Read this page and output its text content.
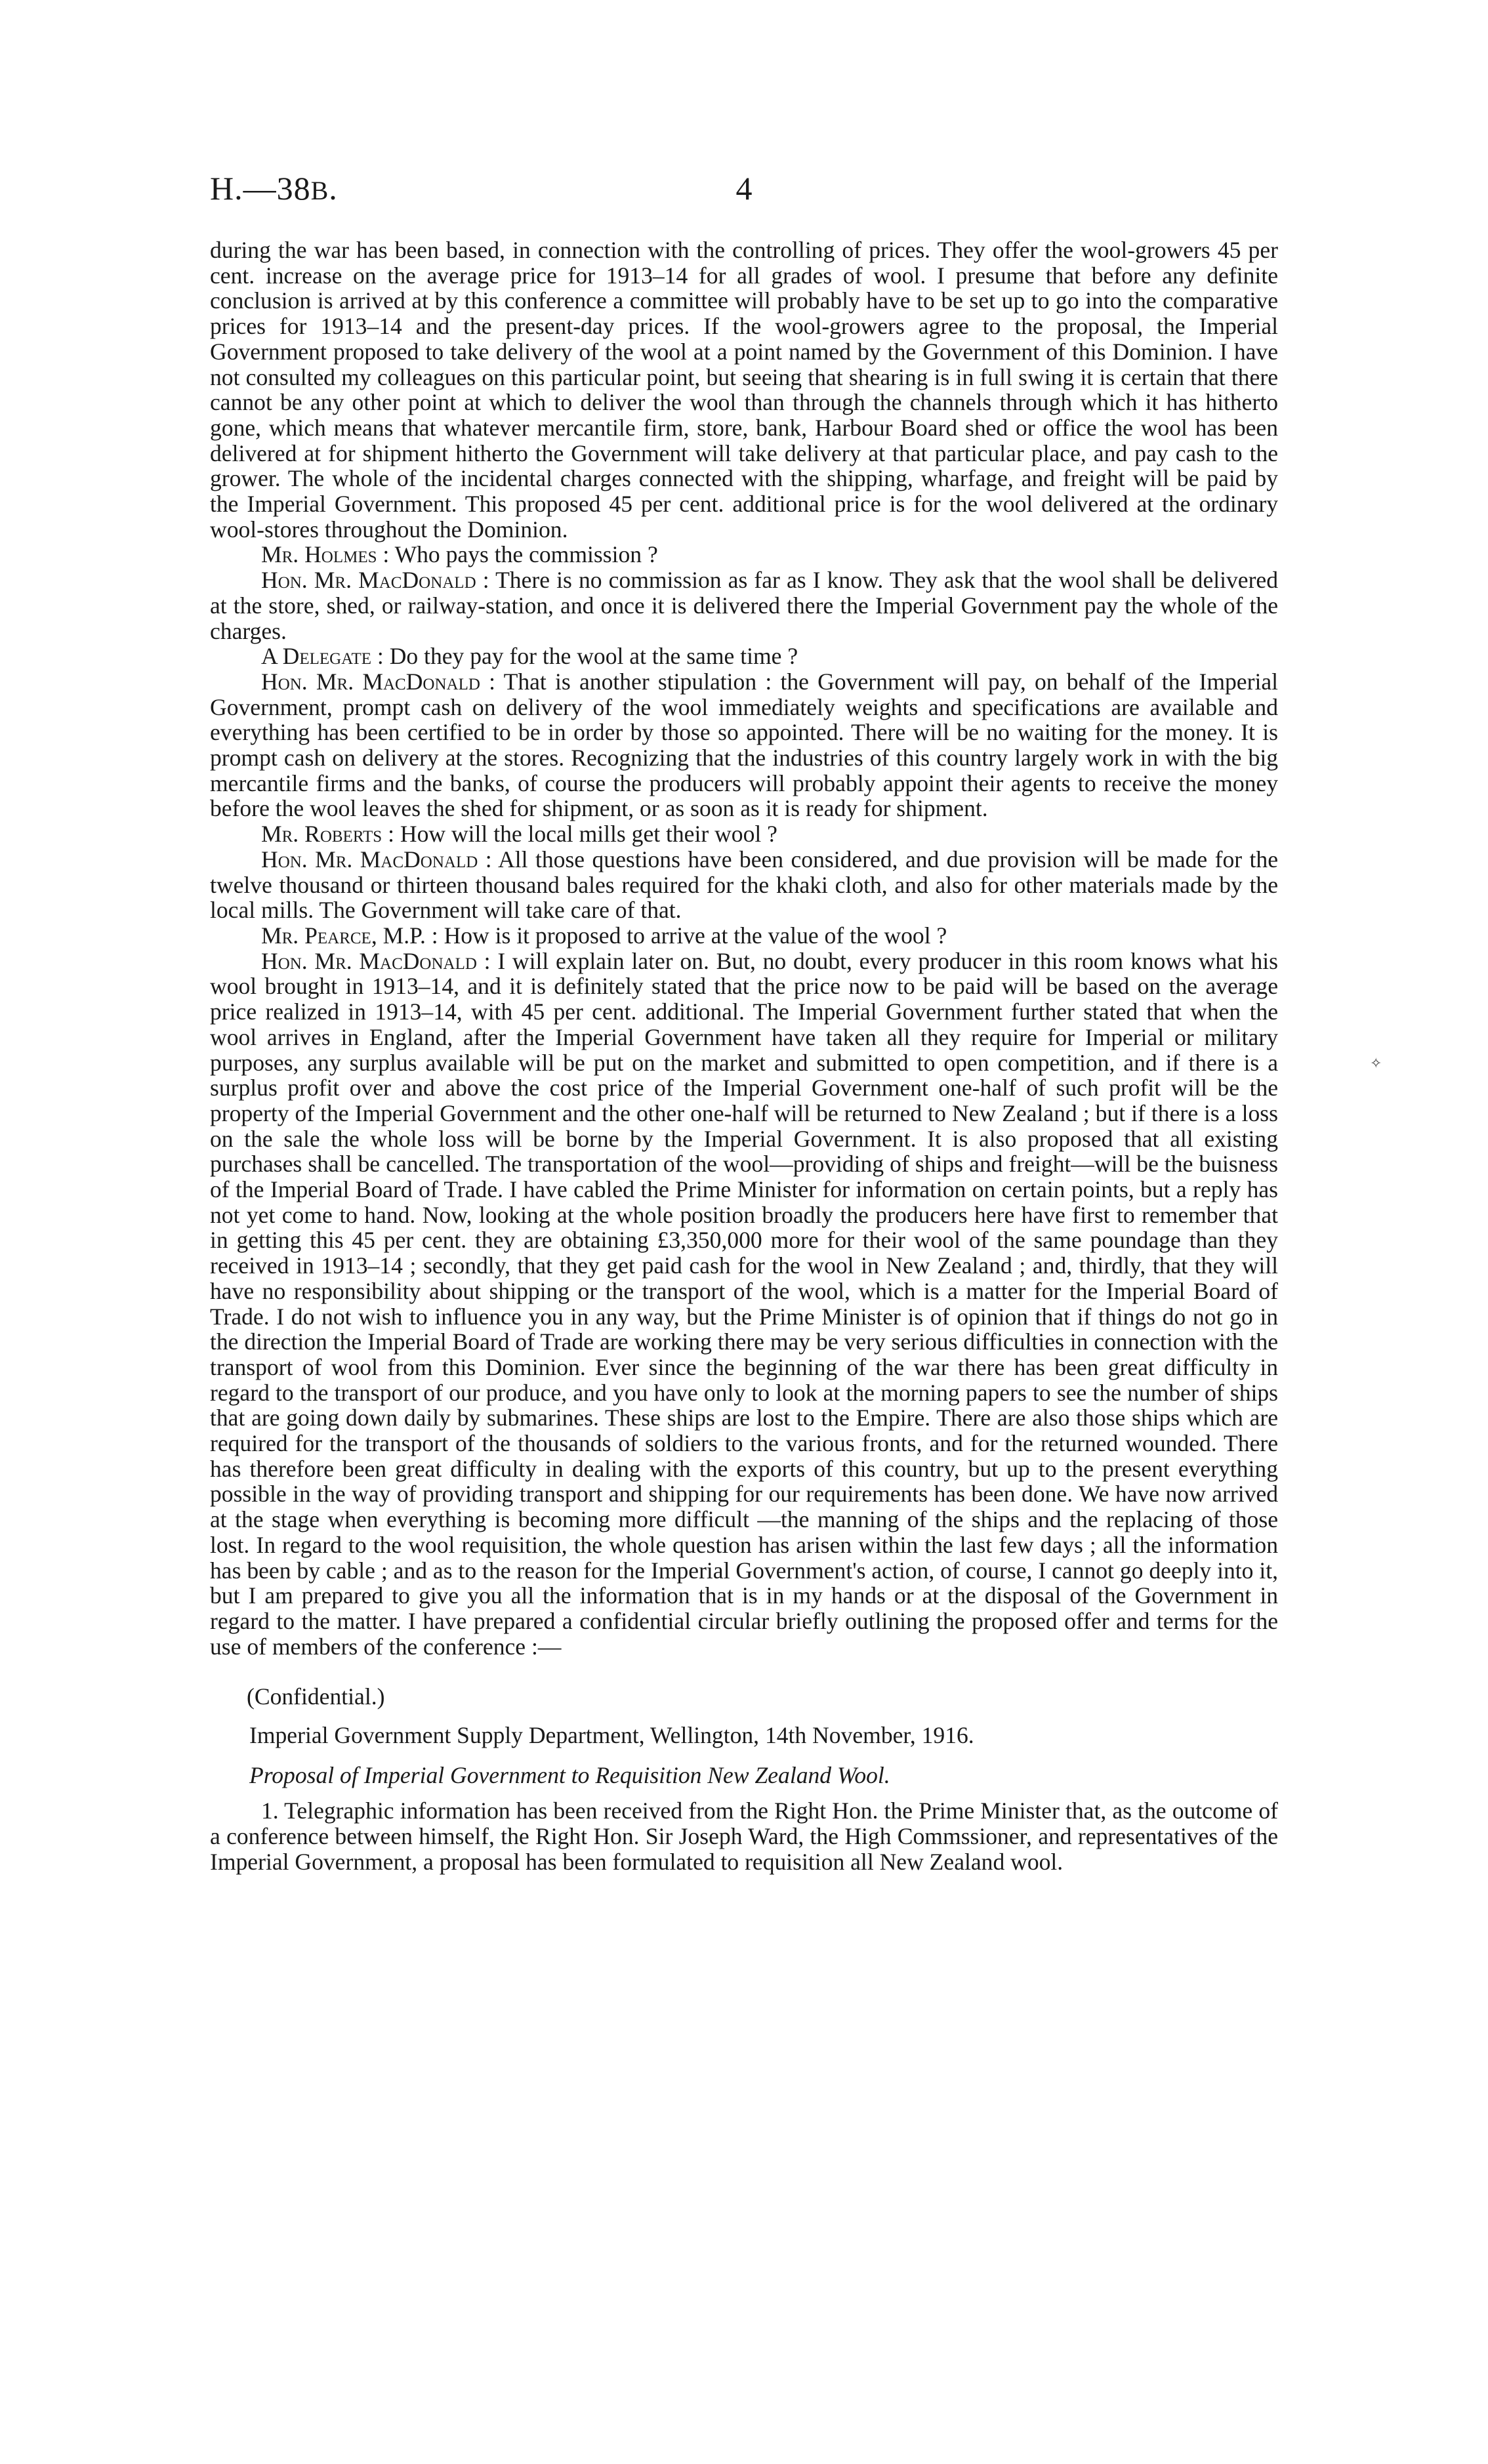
H.—38B.	4
✧

during the war has been based, in connection with the controlling of prices. They offer the wool-growers 45 per cent. increase on the average price for 1913–14 for all grades of wool. I presume that before any definite conclusion is arrived at by this conference a committee will probably have to be set up to go into the comparative prices for 1913–14 and the present-day prices. If the wool-growers agree to the proposal, the Imperial Government proposed to take delivery of the wool at a point named by the Government of this Dominion. I have not consulted my colleagues on this particular point, but seeing that shearing is in full swing it is certain that there cannot be any other point at which to deliver the wool than through the channels through which it has hitherto gone, which means that whatever mercantile firm, store, bank, Harbour Board shed or office the wool has been delivered at for shipment hitherto the Government will take delivery at that particular place, and pay cash to the grower. The whole of the incidental charges connected with the shipping, wharfage, and freight will be paid by the Imperial Government. This proposed 45 per cent. additional price is for the wool delivered at the ordinary wool-stores throughout the Dominion.

Mr. Holmes : Who pays the commission ?

Hon. Mr. MacDonald : There is no commission as far as I know. They ask that the wool shall be delivered at the store, shed, or railway-station, and once it is delivered there the Imperial Government pay the whole of the charges.

A Delegate : Do they pay for the wool at the same time ?

Hon. Mr. MacDonald : That is another stipulation : the Government will pay, on behalf of the Imperial Government, prompt cash on delivery of the wool immediately weights and specifications are available and everything has been certified to be in order by those so appointed. There will be no waiting for the money. It is prompt cash on delivery at the stores. Recognizing that the industries of this country largely work in with the big mercantile firms and the banks, of course the producers will probably appoint their agents to receive the money before the wool leaves the shed for shipment, or as soon as it is ready for shipment.

Mr. Roberts : How will the local mills get their wool ?

Hon. Mr. MacDonald : All those questions have been considered, and due provision will be made for the twelve thousand or thirteen thousand bales required for the khaki cloth, and also for other materials made by the local mills. The Government will take care of that.

Mr. Pearce, M.P. : How is it proposed to arrive at the value of the wool ?

Hon. Mr. MacDonald : I will explain later on. But, no doubt, every producer in this room knows what his wool brought in 1913–14, and it is definitely stated that the price now to be paid will be based on the average price realized in 1913–14, with 45 per cent. additional. The Imperial Government further stated that when the wool arrives in England, after the Imperial Government have taken all they require for Imperial or military purposes, any surplus available will be put on the market and submitted to open competition, and if there is a surplus profit over and above the cost price of the Imperial Government one-half of such profit will be the property of the Imperial Government and the other one-half will be returned to New Zealand ; but if there is a loss on the sale the whole loss will be borne by the Imperial Government. It is also proposed that all existing purchases shall be cancelled. The transportation of the wool—providing of ships and freight—will be the buisness of the Imperial Board of Trade. I have cabled the Prime Minister for information on certain points, but a reply has not yet come to hand. Now, looking at the whole position broadly the producers here have first to remember that in getting this 45 per cent. they are obtaining £3,350,000 more for their wool of the same poundage than they received in 1913–14 ; secondly, that they get paid cash for the wool in New Zealand ; and, thirdly, that they will have no responsibility about shipping or the transport of the wool, which is a matter for the Imperial Board of Trade. I do not wish to influence you in any way, but the Prime Minister is of opinion that if things do not go in the direction the Imperial Board of Trade are working there may be very serious difficulties in connection with the transport of wool from this Dominion. Ever since the beginning of the war there has been great difficulty in regard to the transport of our produce, and you have only to look at the morning papers to see the number of ships that are going down daily by submarines. These ships are lost to the Empire. There are also those ships which are required for the transport of the thousands of soldiers to the various fronts, and for the returned wounded. There has therefore been great difficulty in dealing with the exports of this country, but up to the present everything possible in the way of providing transport and shipping for our requirements has been done. We have now arrived at the stage when everything is becoming more difficult —the manning of the ships and the replacing of those lost. In regard to the wool requisition, the whole question has arisen within the last few days ; all the information has been by cable ; and as to the reason for the Imperial Government's action, of course, I cannot go deeply into it, but I am prepared to give you all the information that is in my hands or at the disposal of the Government in regard to the matter. I have prepared a confidential circular briefly outlining the proposed offer and terms for the use of members of the conference :—

(Confidential.)

Imperial Government Supply Department, Wellington, 14th November, 1916.

Proposal of Imperial Government to Requisition New Zealand Wool.

1. Telegraphic information has been received from the Right Hon. the Prime Minister that, as the outcome of a conference between himself, the Right Hon. Sir Joseph Ward, the High Commssioner, and representatives of the Imperial Government, a proposal has been formulated to requisition all New Zealand wool.
